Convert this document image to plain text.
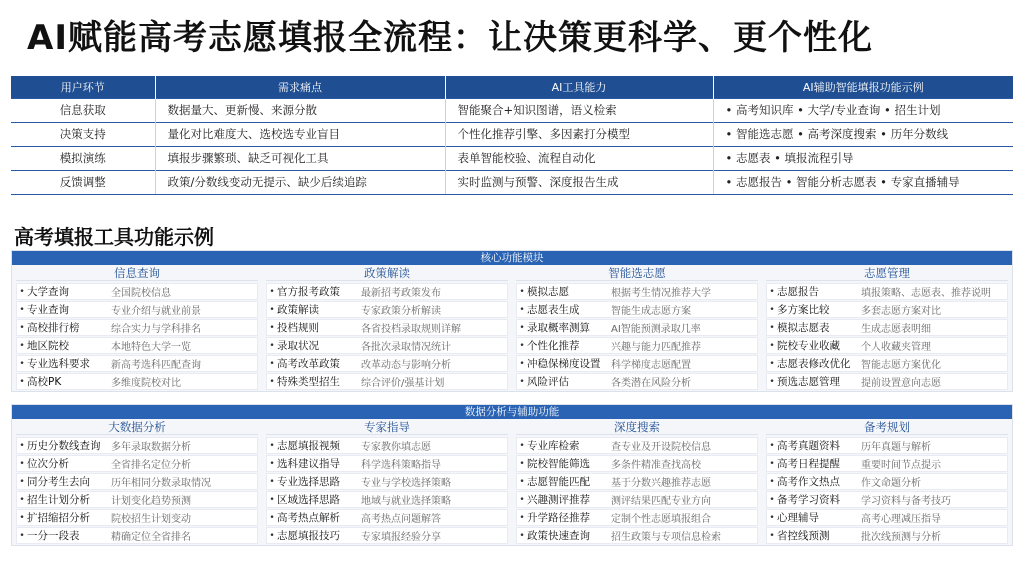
AI赋能高考志愿填报全流程：让决策更科学、更个性化
用户环节	需求痛点	AI工具能力	AI辅助智能填报功能示例
信息获取	数据量大、更新慢、来源分散	智能聚合+知识图谱，语义检索	• 高考知识库 • 大学/专业查询 • 招生计划
决策支持	量化对比难度大、选校选专业盲目	个性化推荐引擎、多因素打分模型	• 智能选志愿 • 高考深度搜索 • 历年分数线
模拟演练	填报步骤繁琐、缺乏可视化工具	表单智能校验、流程自动化	• 志愿表 • 填报流程引导
反馈调整	政策/分数线变动无提示、缺少后续追踪	实时监测与预警、深度报告生成	• 志愿报告 • 智能分析志愿表 • 专家直播辅导
高考填报工具功能示例
核心功能模块
信息查询
• 大学查询	全国院校信息
• 专业查询	专业介绍与就业前景
• 高校排行榜	综合实力与学科排名
• 地区院校	本地特色大学一览
• 专业选科要求	新高考选科匹配查询
• 高校PK	多维度院校对比
政策解读
• 官方报考政策	最新招考政策发布
• 政策解读	专家政策分析解读
• 投档规则	各省投档录取规则详解
• 录取状况	各批次录取情况统计
• 高考改革政策	改革动态与影响分析
• 特殊类型招生	综合评价/强基计划
智能选志愿
• 模拟志愿	根据考生情况推荐大学
• 志愿表生成	智能生成志愿方案
• 录取概率测算	AI智能预测录取几率
• 个性化推荐	兴趣与能力匹配推荐
• 冲稳保梯度设置	科学梯度志愿配置
• 风险评估	各类潜在风险分析
志愿管理
• 志愿报告	填报策略、志愿表、推荐说明
• 多方案比较	多套志愿方案对比
• 模拟志愿表	生成志愿表明细
• 院校专业收藏	个人收藏夹管理
• 志愿表修改优化	智能志愿方案优化
• 预选志愿管理	提前设置意向志愿
数据分析与辅助功能
大数据分析
• 历史分数线查询	多年录取数据分析
• 位次分析	全省排名定位分析
• 同分考生去向	历年相同分数录取情况
• 招生计划分析	计划变化趋势预测
• 扩招缩招分析	院校招生计划变动
• 一分一段表	精确定位全省排名
专家指导
• 志愿填报视频	专家教你填志愿
• 选科建议指导	科学选科策略指导
• 专业选择思路	专业与学校选择策略
• 区域选择思路	地域与就业选择策略
• 高考热点解析	高考热点问题解答
• 志愿填报技巧	专家填报经验分享
深度搜索
• 专业库检索	查专业及开设院校信息
• 院校智能筛选	多条件精准查找高校
• 志愿智能匹配	基于分数兴趣推荐志愿
• 兴趣测评推荐	测评结果匹配专业方向
• 升学路径推荐	定制个性志愿填报组合
• 政策快速查询	招生政策与专项信息检索
备考规划
• 高考真题资料	历年真题与解析
• 高考日程提醒	重要时间节点提示
• 高考作文热点	作文命题分析
• 备考学习资料	学习资料与备考技巧
• 心理辅导	高考心理减压指导
• 省控线预测	批次线预测与分析
